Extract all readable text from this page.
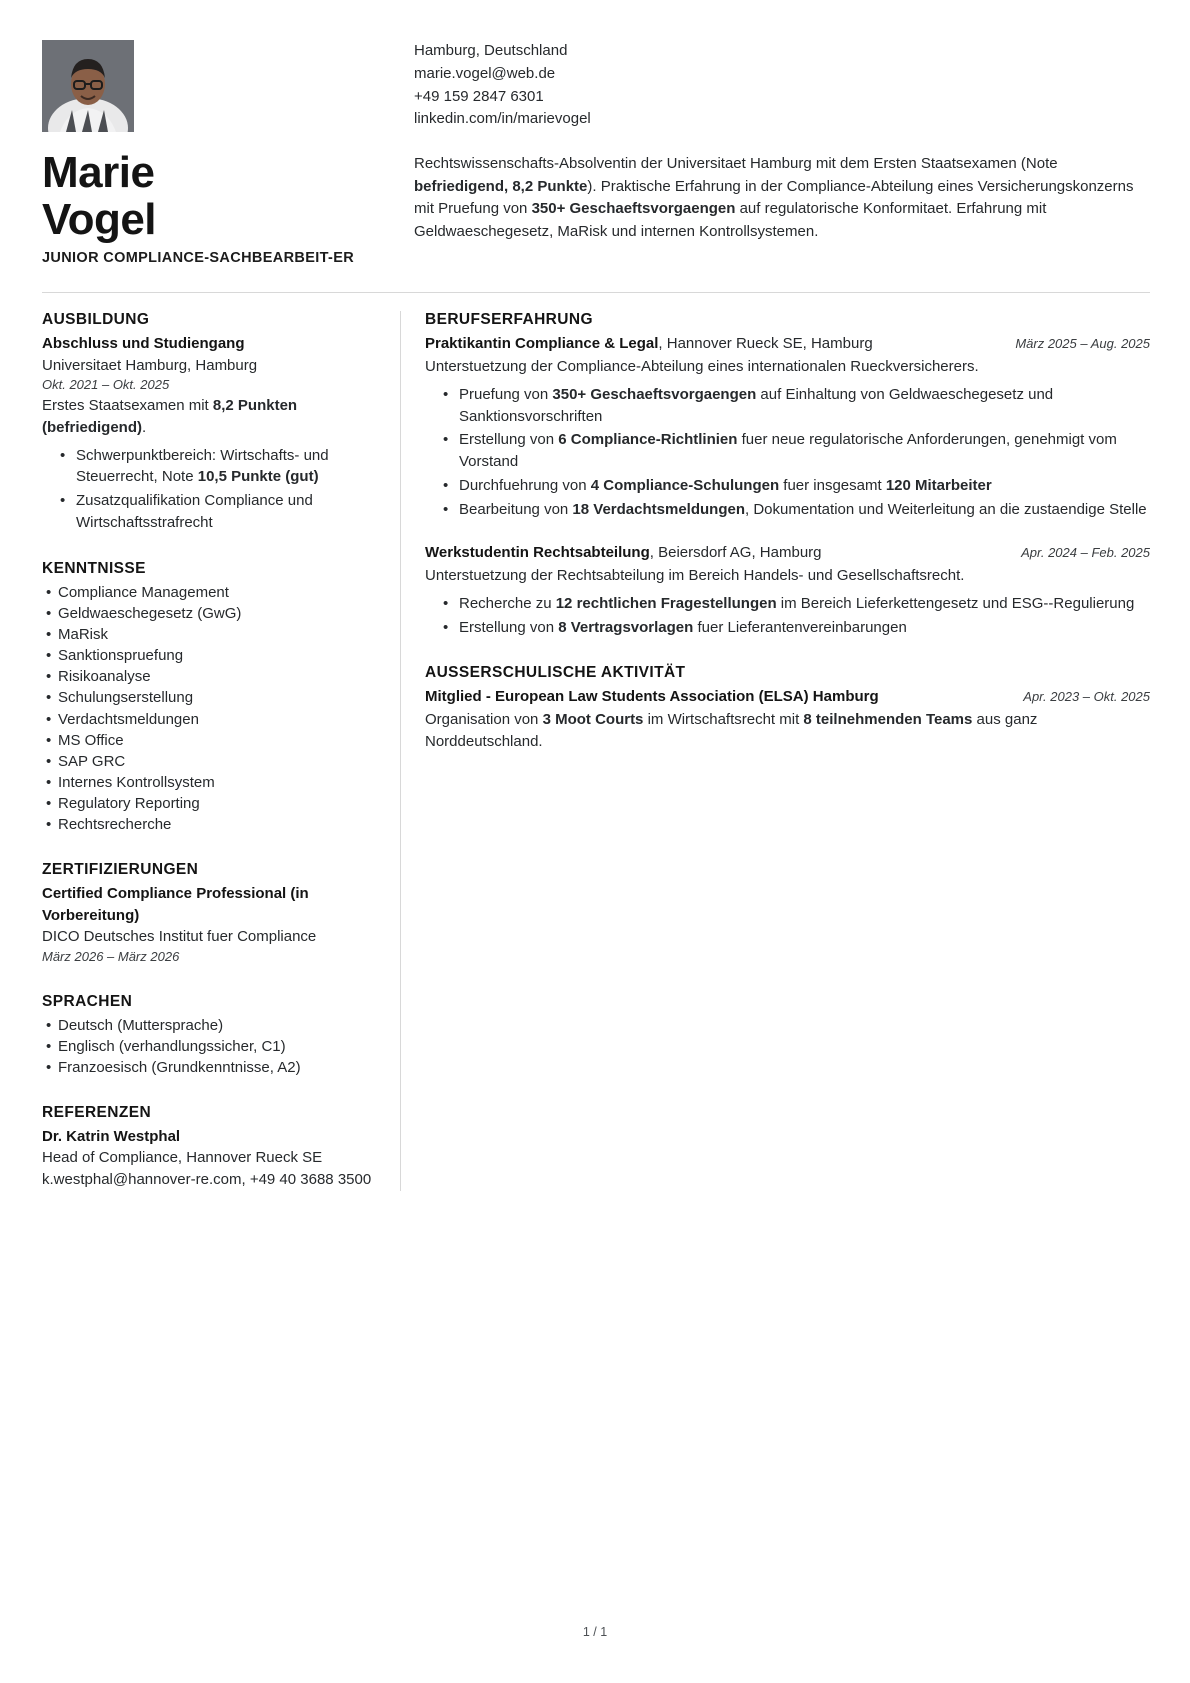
Marie
Vogel
JUNIOR COMPLIANCE-SACHBEARBEIT-ER
Hamburg, Deutschland
marie.vogel@web.de
+49 159 2847 6301
linkedin.com/in/marievogel
Rechtswissenschafts-Absolventin der Universitaet Hamburg mit dem Ersten Staatsexamen (Note befriedigend, 8,2 Punkte). Praktische Erfahrung in der Compliance-Abteilung eines Versicherungskonzerns mit Pruefung von 350+ Geschaeftsvorgaengen auf regulatorische Konformitaet. Erfahrung mit Geldwaeschegesetz, MaRisk und internen Kontrollsystemen.
AUSBILDUNG
Abschluss und Studiengang
Universitaet Hamburg, Hamburg
Okt. 2021 – Okt. 2025
Erstes Staatsexamen mit 8,2 Punkten (befriedigend).
• Schwerpunktbereich: Wirtschafts- und Steuerrecht, Note 10,5 Punkte (gut)
• Zusatzqualifikation Compliance und Wirtschaftsstrafrecht
KENNTNISSE
• Compliance Management
• Geldwaeschegesetz (GwG)
• MaRisk
• Sanktionspruefung
• Risikoanalyse
• Schulungserstellung
• Verdachtsmeldungen
• MS Office
• SAP GRC
• Internes Kontrollsystem
• Regulatory Reporting
• Rechtsrecherche
ZERTIFIZIERUNGEN
Certified Compliance Professional (in Vorbereitung)
DICO Deutsches Institut fuer Compliance
März 2026 – März 2026
SPRACHEN
• Deutsch (Muttersprache)
• Englisch (verhandlungssicher, C1)
• Franzoesisch (Grundkenntnisse, A2)
REFERENZEN
Dr. Katrin Westphal
Head of Compliance, Hannover Rueck SE
k.westphal@hannover-re.com, +49 40 3688 3500
BERUFSERFAHRUNG
Praktikantin Compliance & Legal, Hannover Rueck SE, Hamburg	März 2025 – Aug. 2025
Unterstuetzung der Compliance-Abteilung eines internationalen Rueckversicherers.
• Pruefung von 350+ Geschaeftsvorgaengen auf Einhaltung von Geldwaeschegesetz und Sanktionsvorschriften
• Erstellung von 6 Compliance-Richtlinien fuer neue regulatorische Anforderungen, genehmigt vom Vorstand
• Durchfuehrung von 4 Compliance-Schulungen fuer insgesamt 120 Mitarbeiter
• Bearbeitung von 18 Verdachtsmeldungen, Dokumentation und Weiterleitung an die zustaendige Stelle
Werkstudentin Rechtsabteilung, Beiersdorf AG, Hamburg	Apr. 2024 – Feb. 2025
Unterstuetzung der Rechtsabteilung im Bereich Handels- und Gesellschaftsrecht.
• Recherche zu 12 rechtlichen Fragestellungen im Bereich Lieferkettengesetz und ESG--Regulierung
• Erstellung von 8 Vertragsvorlagen fuer Lieferantenvereinbarungen
AUSSERSCHULISCHE AKTIVITÄT
Mitglied - European Law Students Association (ELSA) Hamburg	Apr. 2023 – Okt. 2025
Organisation von 3 Moot Courts im Wirtschaftsrecht mit 8 teilnehmenden Teams aus ganz Norddeutschland.
1 / 1
